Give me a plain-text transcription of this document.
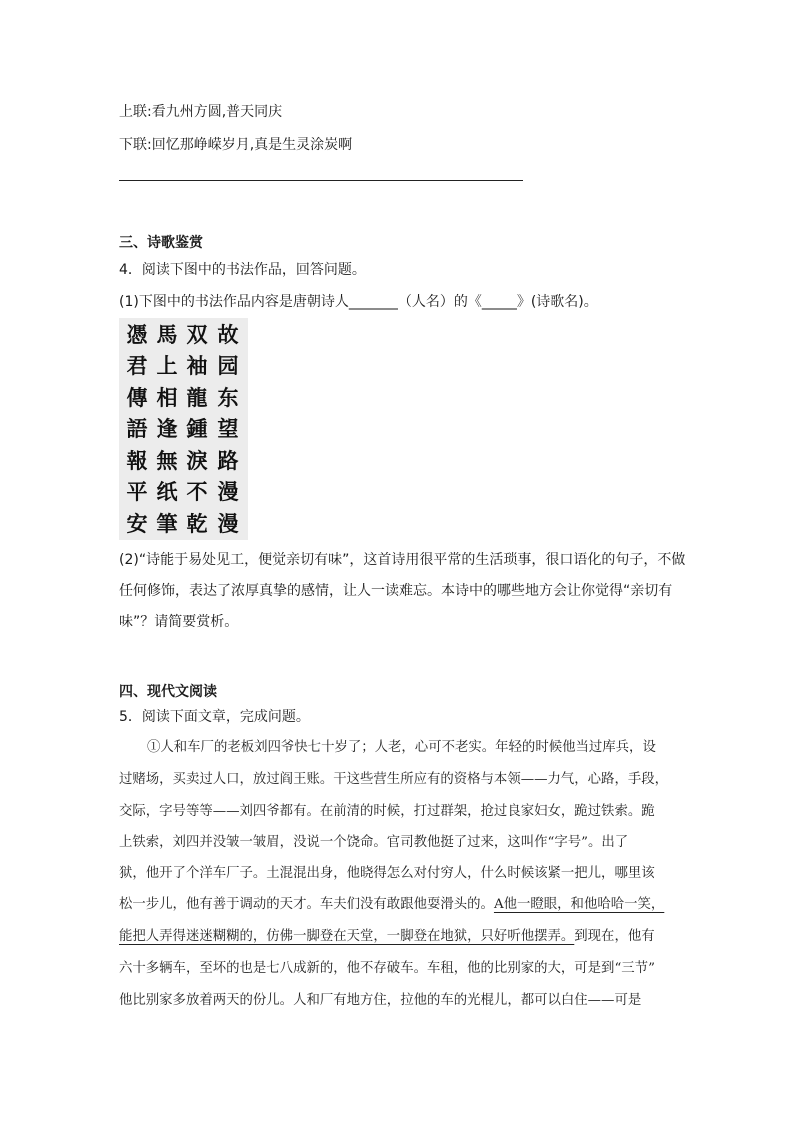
上联:看九州方圆,普天同庆
下联:回忆那峥嵘岁月,真是生灵涂炭啊
三、诗歌鉴赏
4．阅读下图中的书法作品，回答问题。
(1)下图中的书法作品内容是唐朝诗人_______（人名）的《_____》(诗歌名)。
故
园
东
望
路
漫
漫
双
袖
龍
鍾
淚
不
乾
馬
上
相
逢
無
纸
筆
憑
君
傳
語
報
平
安
(2)“诗能于易处见工，便觉亲切有味”，这首诗用很平常的生活琐事，很口语化的句子，不做
任何修饰，表达了浓厚真挚的感情，让人一读难忘。本诗中的哪些地方会让你觉得“亲切有
味”？请简要赏析。
四、现代文阅读
5．阅读下面文章，完成问题。
①人和车厂的老板刘四爷快七十岁了；人老，心可不老实。年轻的时候他当过库兵，设
过赌场，买卖过人口，放过阎王账。干这些营生所应有的资格与本领——力气，心路，手段，
交际，字号等等——刘四爷都有。在前清的时候，打过群架，抢过良家妇女，跪过铁索。跪
上铁索，刘四并没皱一皱眉，没说一个饶命。官司教他挺了过来，这叫作“字号”。出了
狱，他开了个洋车厂子。土混混出身，他晓得怎么对付穷人，什么时候该紧一把儿，哪里该
松一步儿，他有善于调动的天才。车夫们没有敢跟他耍滑头的。A他一瞪眼，和他哈哈一笑，
能把人弄得迷迷糊糊的，仿佛一脚登在天堂，一脚登在地狱，只好听他摆弄。到现在，他有
六十多辆车，至坏的也是七八成新的，他不存破车。车租，他的比别家的大，可是到“三节”
他比别家多放着两天的份儿。人和厂有地方住，拉他的车的光棍儿，都可以白住——可是
